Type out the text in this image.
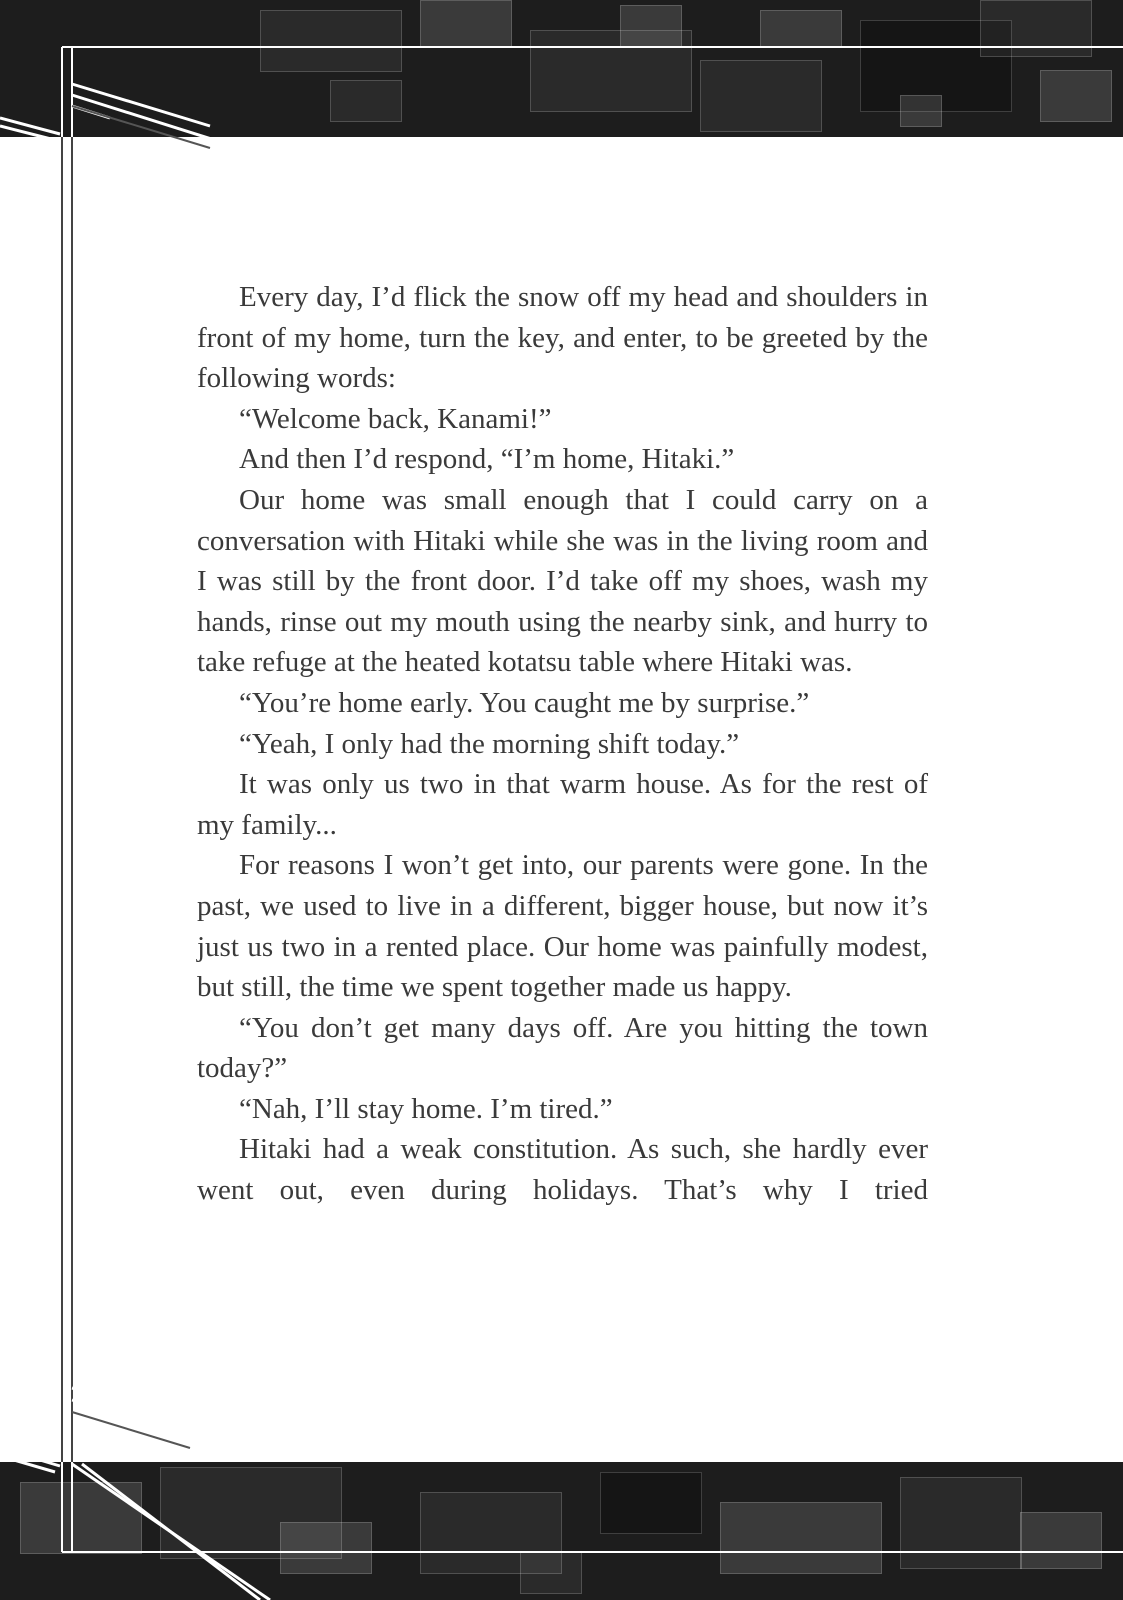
Every day, I’d flick the snow off my head and shoulders in front of my home, turn the key, and enter, to be greeted by the following words:

“Welcome back, Kanami!”

And then I’d respond, “I’m home, Hitaki.”

Our home was small enough that I could carry on a conversation with Hitaki while she was in the living room and I was still by the front door. I’d take off my shoes, wash my hands, rinse out my mouth using the nearby sink, and hurry to take refuge at the heated kotatsu table where Hitaki was.

“You’re home early. You caught me by surprise.”

“Yeah, I only had the morning shift today.”

It was only us two in that warm house. As for the rest of my family...

For reasons I won’t get into, our parents were gone. In the past, we used to live in a different, bigger house, but now it’s just us two in a rented place. Our home was painfully modest, but still, the time we spent together made us happy.

“You don’t get many days off. Are you hitting the town today?”

“Nah, I’ll stay home. I’m tired.”

Hitaki had a weak constitution. As such, she hardly ever went out, even during holidays. That’s why I tried
